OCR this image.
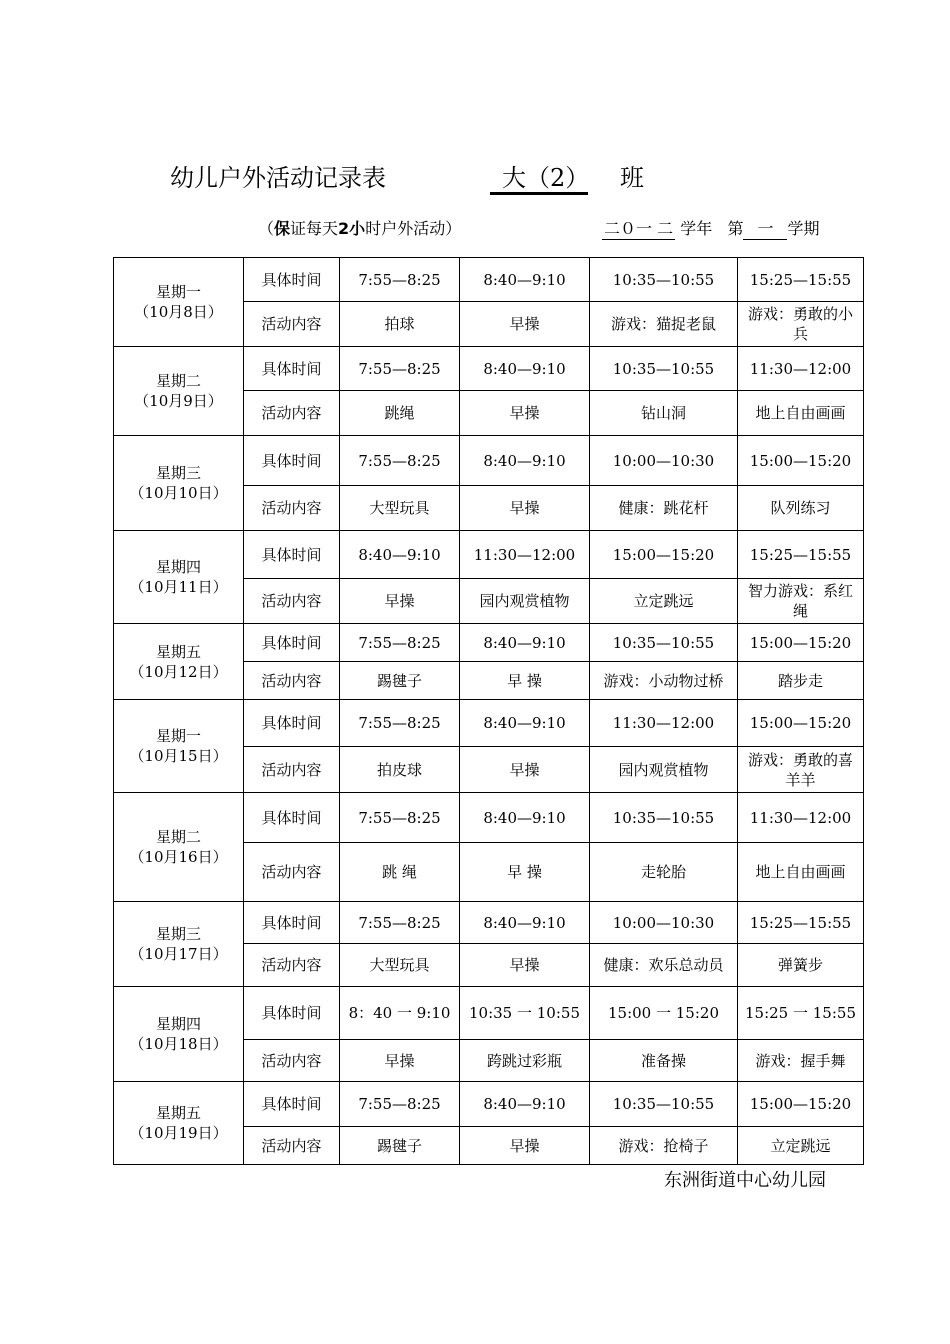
幼儿户外活动记录表	大（2） 班
（保证每天2小时户外活动）	二０一 二 学年 第 一 学期
星期一
（10月8日）	具体时间	7:55—8:25	8:40—9:10	10:35—10:55	15:25—15:55
	活动内容	拍球	早操	游戏：猫捉老鼠	游戏：勇敢的小兵

星期二
（10月9日）	具体时间	7:55—8:25	8:40—9:10	10:35—10:55	11:30—12:00
	活动内容	跳绳	早操	钻山洞	地上自由画画

星期三
（10月10日）	具体时间	7:55—8:25	8:40—9:10	10:00—10:30	15:00—15:20
	活动内容	大型玩具	早操	健康：跳花杆	队列练习

星期四
（10月11日）	具体时间	8:40—9:10	11:30—12:00	15:00—15:20	15:25—15:55
	活动内容	早操	园内观赏植物	立定跳远	智力游戏：系红绳

星期五
（10月12日）	具体时间	7:55—8:25	8:40—9:10	10:35—10:55	15:00—15:20
	活动内容	踢毽子	早 操	游戏：小动物过桥	踏步走

星期一
（10月15日）	具体时间	7:55—8:25	8:40—9:10	11:30—12:00	15:00—15:20
	活动内容	拍皮球	早操	园内观赏植物	游戏：勇敢的喜羊羊

星期二
（10月16日）	具体时间	7:55—8:25	8:40—9:10	10:35—10:55	11:30—12:00
	活动内容	跳 绳	早 操	走轮胎	地上自由画画

星期三
（10月17日）	具体时间	7:55—8:25	8:40—9:10	10:00—10:30	15:25—15:55
	活动内容	大型玩具	早操	健康：欢乐总动员	弹簧步

星期四
（10月18日）	具体时间	8：40 一 9:10	10:35 一 10:55	15:00 一 15:20	15:25 一 15:55
	活动内容	早操	跨跳过彩瓶	准备操	游戏：握手舞

星期五
（10月19日）	具体时间	7:55—8:25	8:40—9:10	10:35—10:55	15:00—15:20
	活动内容	踢毽子	早操	游戏：抢椅子	立定跳远
东洲街道中心幼儿园
